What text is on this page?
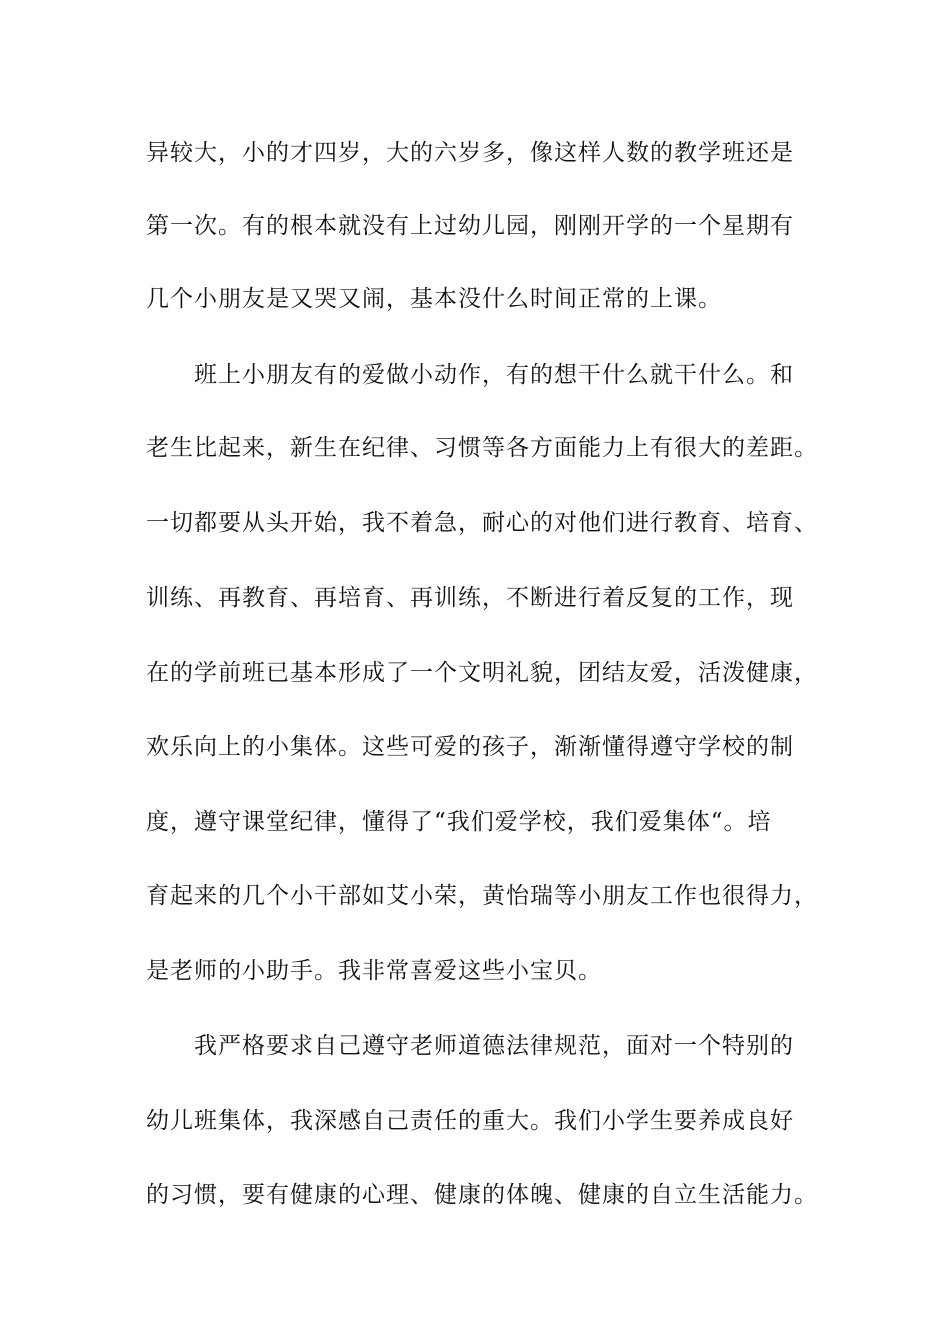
异较大，小的才四岁，大的六岁多，像这样人数的教学班还是
第一次。有的根本就没有上过幼儿园，刚刚开学的一个星期有
几个小朋友是又哭又闹，基本没什么时间正常的上课。
班上小朋友有的爱做小动作，有的想干什么就干什么。和
老生比起来，新生在纪律、习惯等各方面能力上有很大的差距。
一切都要从头开始，我不着急，耐心的对他们进行教育、培育、
训练、再教育、再培育、再训练，不断进行着反复的工作，现
在的学前班已基本形成了一个文明礼貌，团结友爱，活泼健康，
欢乐向上的小集体。这些可爱的孩子，渐渐懂得遵守学校的制
度，遵守课堂纪律，懂得了“我们爱学校，我们爱集体“。培
育起来的几个小干部如艾小荣，黄怡瑞等小朋友工作也很得力，
是老师的小助手。我非常喜爱这些小宝贝。
我严格要求自己遵守老师道德法律规范，面对一个特别的
幼儿班集体，我深感自己责任的重大。我们小学生要养成良好
的习惯，要有健康的心理、健康的体魄、健康的自立生活能力。
